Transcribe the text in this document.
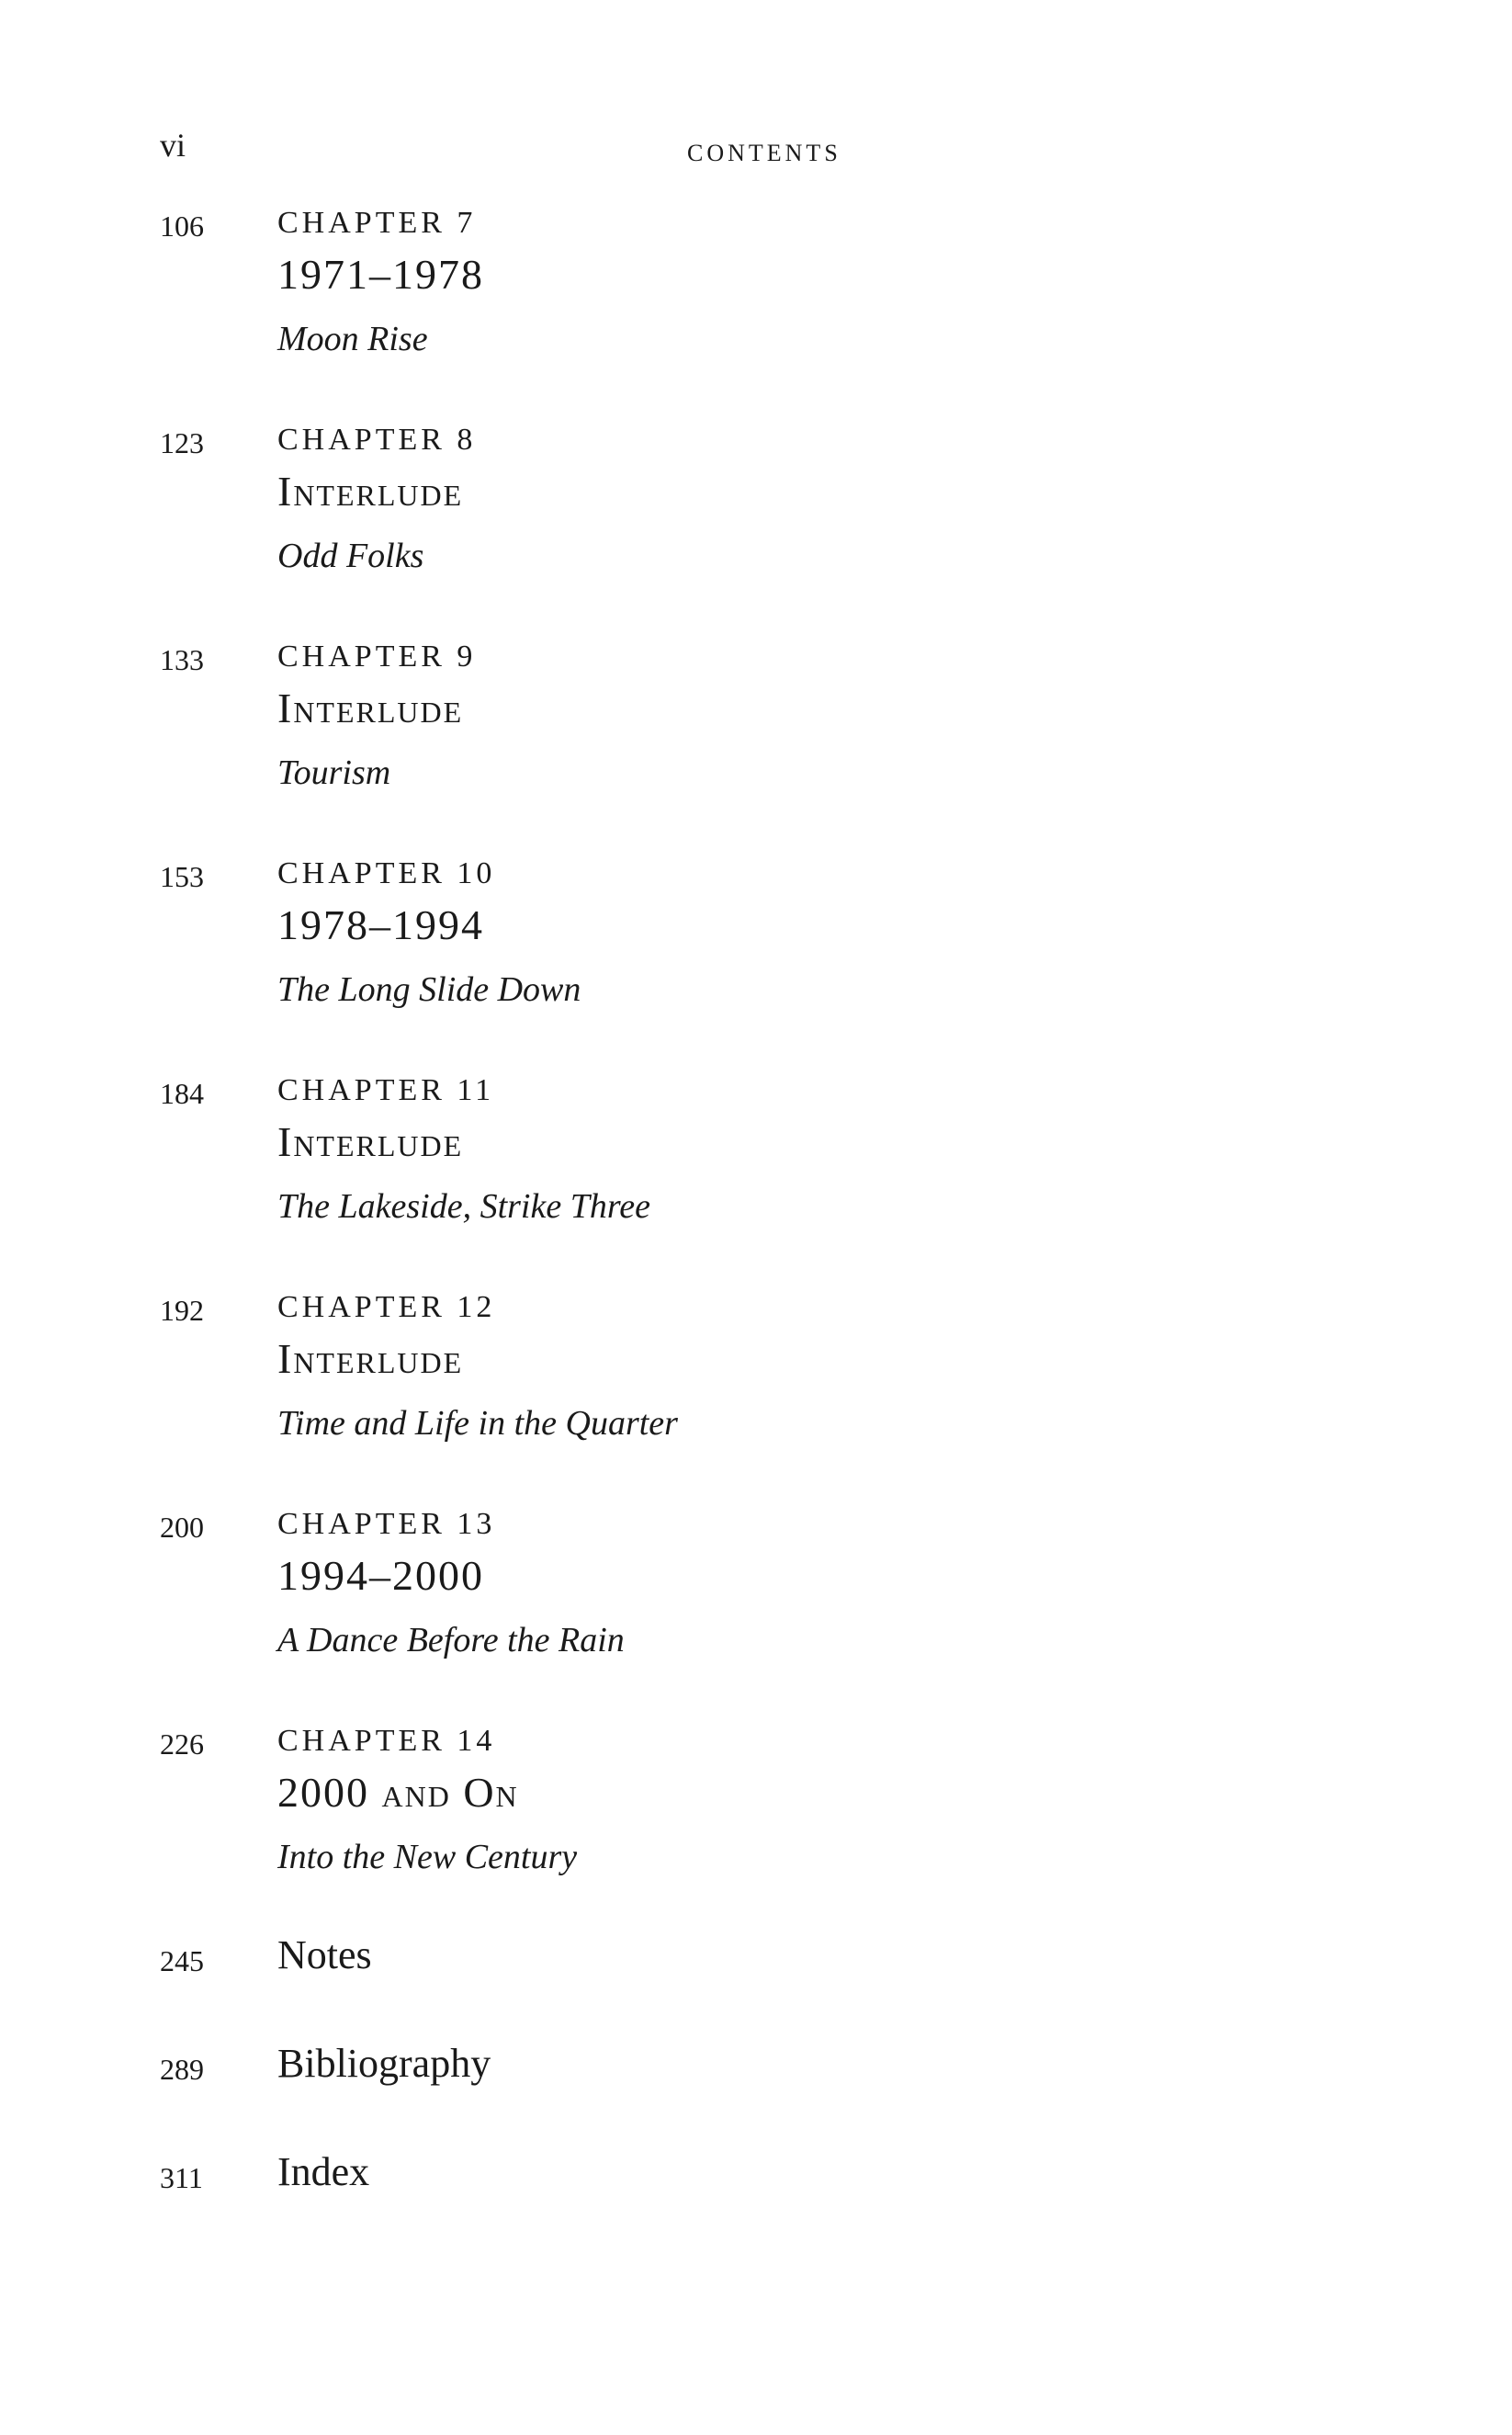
vi	CONTENTS
106 CHAPTER 7
1971–1978
Moon Rise
123 CHAPTER 8
Interlude
Odd Folks
133 CHAPTER 9
Interlude
Tourism
153 CHAPTER 10
1978–1994
The Long Slide Down
184 CHAPTER 11
Interlude
The Lakeside, Strike Three
192 CHAPTER 12
Interlude
Time and Life in the Quarter
200 CHAPTER 13
1994–2000
A Dance Before the Rain
226 CHAPTER 14
2000 and On
Into the New Century
245 Notes
289 Bibliography
311 Index
